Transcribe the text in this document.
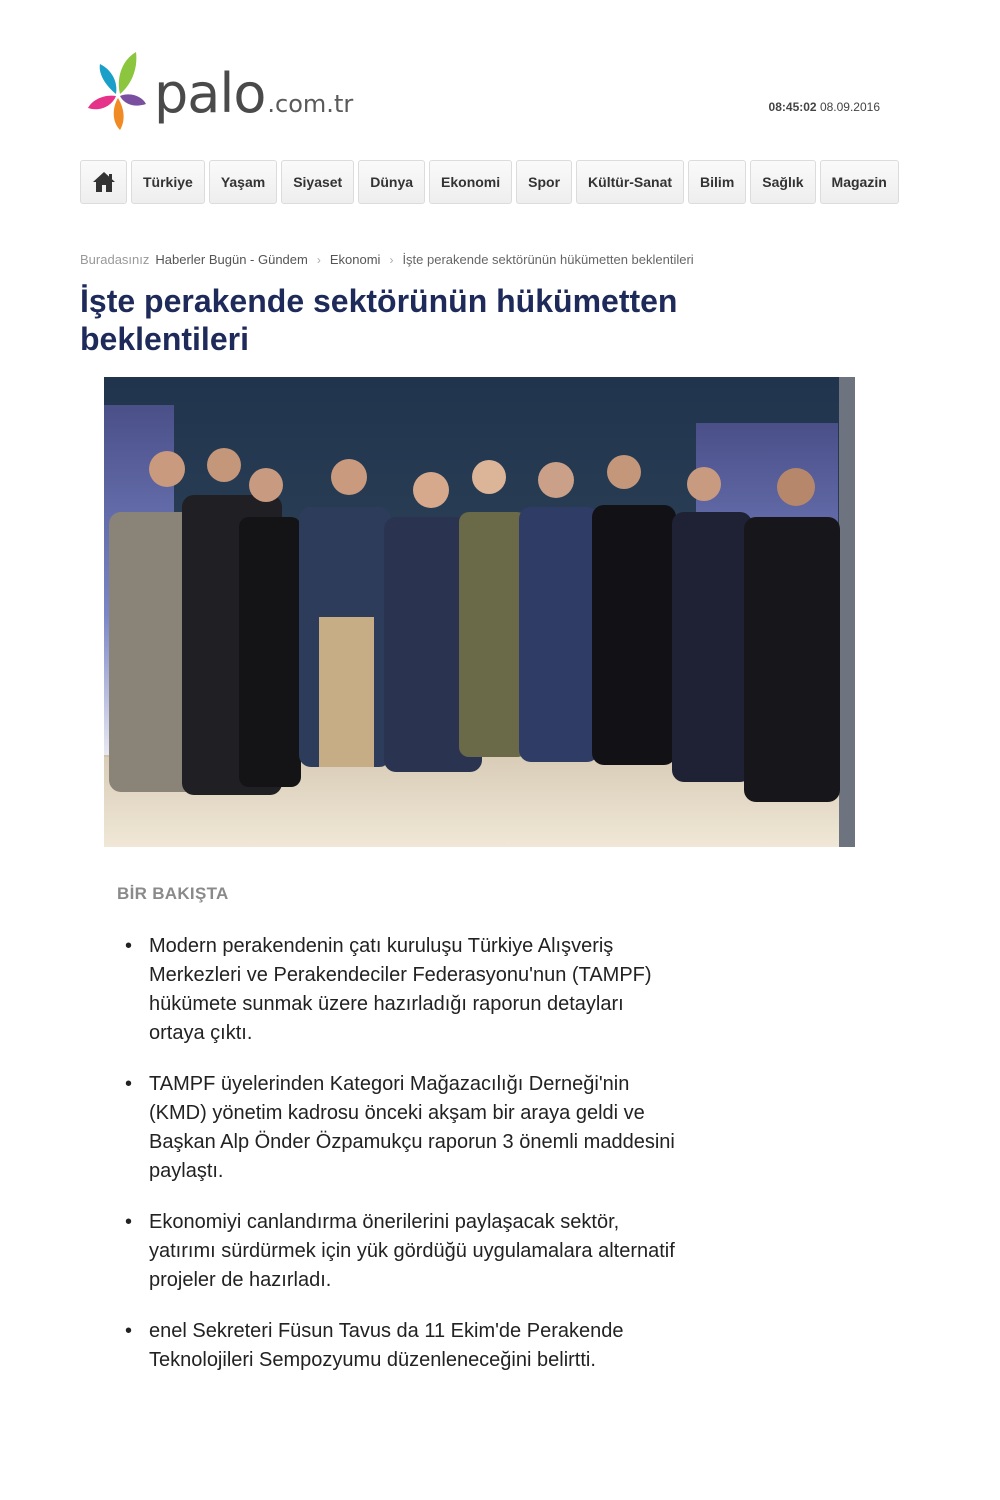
palo .com.tr	08:45:02 08.09.2016
Türkiye	Yaşam	Siyaset	Dünya	Ekonomi	Spor	Kültür-Sanat	Bilim	Sağlık	Magazin
Buradasınız Haberler Bugün - Gündem › Ekonomi › İşte perakende sektörünün hükümetten beklentileri
İşte perakende sektörünün hükümetten beklentileri
BİR BAKIŞTA
• Modern perakendenin çatı kuruluşu Türkiye Alışveriş Merkezleri ve Perakendeciler Federasyonu'nun (TAMPF) hükümete sunmak üzere hazırladığı raporun detayları ortaya çıktı.
• TAMPF üyelerinden Kategori Mağazacılığı Derneği'nin (KMD) yönetim kadrosu önceki akşam bir araya geldi ve Başkan Alp Önder Özpamukçu raporun 3 önemli maddesini paylaştı.
• Ekonomiyi canlandırma önerilerini paylaşacak sektör, yatırımı sürdürmek için yük gördüğü uygulamalara alternatif projeler de hazırladı.
• enel Sekreteri Füsun Tavus da 11 Ekim'de Perakende Teknolojileri Sempozyumu düzenleneceğini belirtti.
